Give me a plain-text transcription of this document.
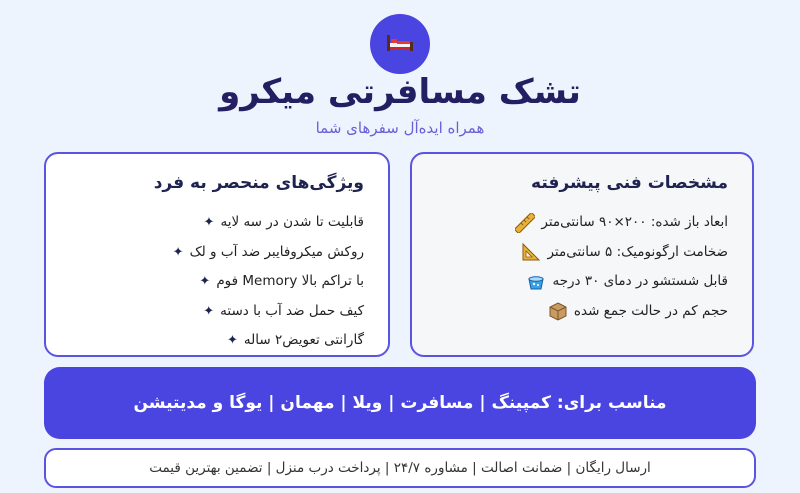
تشک مسافرتی میکرو
همراه ایده‌آل سفرهای شما
مشخصات فنی پیشرفته
ابعاد باز شده: ۲۰۰×۹۰ سانتی‌متر
ضخامت ارگونومیک: ۵ سانتی‌متر
قابل شستشو در دمای ۳۰ درجه
حجم کم در حالت جمع شده
ویژگی‌های منحصر به فرد
قابلیت تا شدن در سه لایه
✦
روکش میکروفایبر ضد آب و لک
✦
با تراکم بالا Memory فوم
✦
کیف حمل ضد آب با دسته
✦
گارانتی تعویض۲ ساله
✦
مناسب برای: کمپینگ | مسافرت | ویلا | مهمان | یوگا و مدیتیشن
ارسال رایگان | ضمانت اصالت | مشاوره ۲۴/۷ | پرداخت درب منزل | تضمین بهترین قیمت
